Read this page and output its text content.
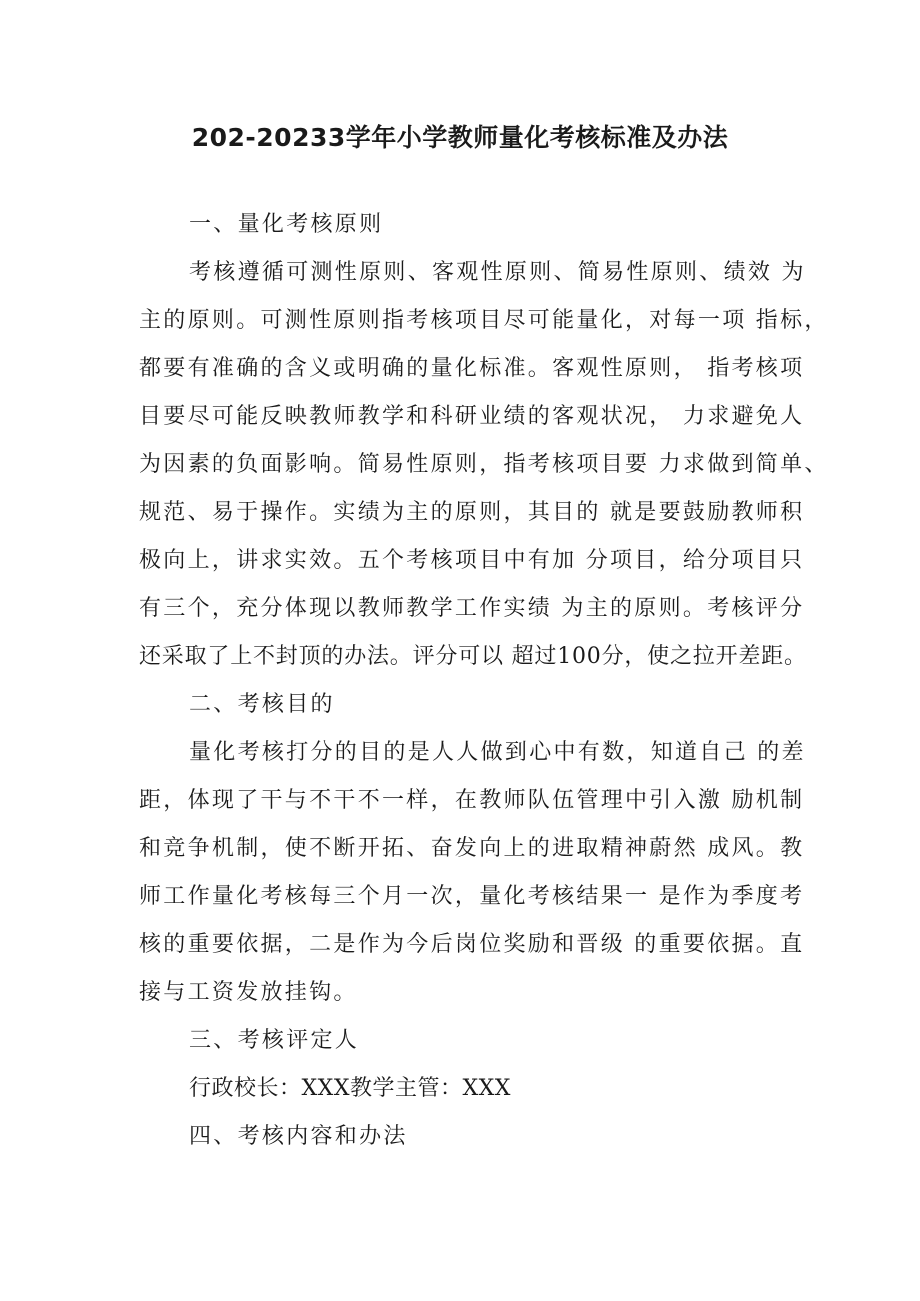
202-20233学年小学教师量化考核标准及办法

一、量化考核原则

考核遵循可测性原则、客观性原则、简易性原则、绩效 为

主的原则。可测性原则指考核项目尽可能量化，对每一项 指标，

都要有准确的含义或明确的量化标准。客观性原则， 指考核项

目要尽可能反映教师教学和科研业绩的客观状况， 力求避免人

为因素的负面影响。简易性原则，指考核项目要 力求做到简单、

规范、易于操作。实绩为主的原则，其目的 就是要鼓励教师积

极向上，讲求实效。五个考核项目中有加 分项目，给分项目只

有三个，充分体现以教师教学工作实绩 为主的原则。考核评分

还采取了上不封顶的办法。评分可以 超过100分，使之拉开差距。

二、考核目的

量化考核打分的目的是人人做到心中有数，知道自己 的差

距，体现了干与不干不一样，在教师队伍管理中引入激 励机制

和竞争机制，使不断开拓、奋发向上的进取精神蔚然 成风。教

师工作量化考核每三个月一次，量化考核结果一 是作为季度考

核的重要依据，二是作为今后岗位奖励和晋级 的重要依据。直

接与工资发放挂钩。

三、考核评定人

行政校长：XXX教学主管：XXX

四、考核内容和办法
